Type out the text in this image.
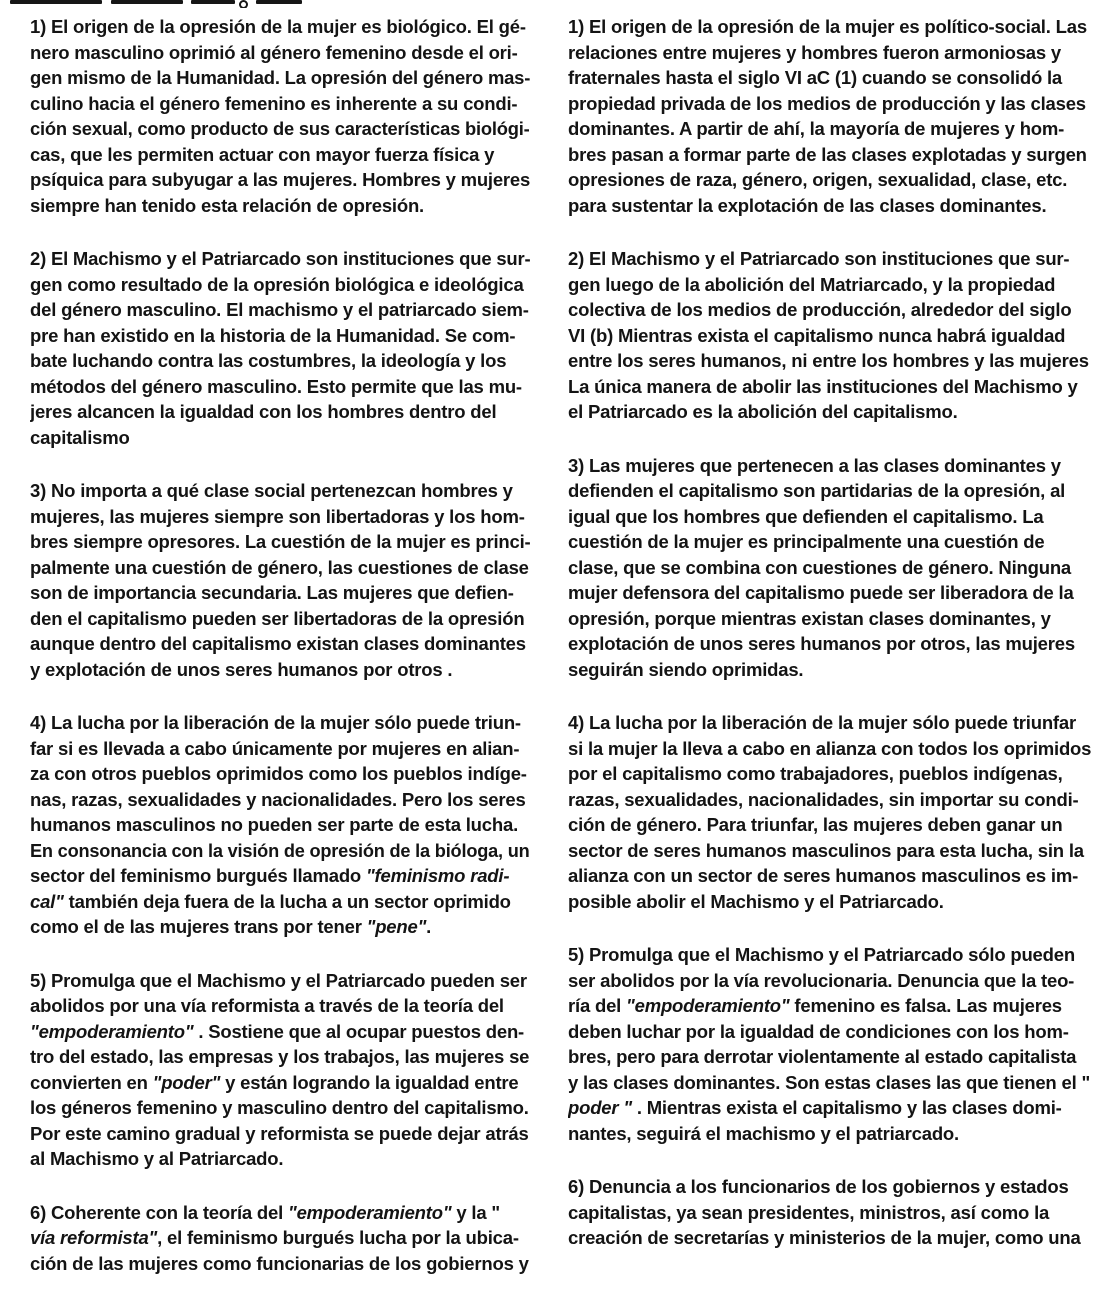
1) El origen de la opresión de la mujer es biológico. El gé-
nero masculino oprimió al género femenino desde el ori-
gen mismo de la Humanidad. La opresión del género mas-
culino hacia el género femenino es inherente a su condi-
ción sexual, como producto de sus características biológi-
cas, que les permiten actuar con mayor fuerza física y
psíquica para subyugar a las mujeres. Hombres y mujeres
siempre han tenido esta relación de opresión.

2) El Machismo y el Patriarcado son instituciones que sur-
gen como resultado de la opresión biológica e ideológica
del género masculino. El machismo y el patriarcado siem-
pre han existido en la historia de la Humanidad. Se com-
bate luchando contra las costumbres, la ideología y los
métodos del género masculino. Esto permite que las mu-
jeres alcancen la igualdad con los hombres dentro del
capitalismo

3) No importa a qué clase social pertenezcan hombres y
mujeres, las mujeres siempre son libertadoras y los hom-
bres siempre opresores. La cuestión de la mujer es princi-
palmente una cuestión de género, las cuestiones de clase
son de importancia secundaria. Las mujeres que defien-
den el capitalismo pueden ser libertadoras de la opresión
aunque dentro del capitalismo existan clases dominantes
y explotación de unos seres humanos por otros .

4) La lucha por la liberación de la mujer sólo puede triun-
far si es llevada a cabo únicamente por mujeres en alian-
za con otros pueblos oprimidos como los pueblos indíge-
nas, razas, sexualidades y nacionalidades. Pero los seres
humanos masculinos no pueden ser parte de esta lucha.
En consonancia con la visión de opresión de la bióloga, un
sector del feminismo burgués llamado "feminismo radi-
cal" también deja fuera de la lucha a un sector oprimido
como el de las mujeres trans por tener "pene".

5) Promulga que el Machismo y el Patriarcado pueden ser
abolidos por una vía reformista a través de la teoría del
"empoderamiento" . Sostiene que al ocupar puestos den-
tro del estado, las empresas y los trabajos, las mujeres se
convierten en "poder" y están logrando la igualdad entre
los géneros femenino y masculino dentro del capitalismo.
Por este camino gradual y reformista se puede dejar atrás
al Machismo y al Patriarcado.

6) Coherente con la teoría del "empoderamiento" y la "
vía reformista", el feminismo burgués lucha por la ubica-
ción de las mujeres como funcionarias de los gobiernos y

1) El origen de la opresión de la mujer es político-social. Las
relaciones entre mujeres y hombres fueron armoniosas y
fraternales hasta el siglo VI aC (1) cuando se consolidó la
propiedad privada de los medios de producción y las clases
dominantes. A partir de ahí, la mayoría de mujeres y hom-
bres pasan a formar parte de las clases explotadas y surgen
opresiones de raza, género, origen, sexualidad, clase, etc.
para sustentar la explotación de las clases dominantes.

2) El Machismo y el Patriarcado son instituciones que sur-
gen luego de la abolición del Matriarcado, y la propiedad
colectiva de los medios de producción, alrededor del siglo
VI (b) Mientras exista el capitalismo nunca habrá igualdad
entre los seres humanos, ni entre los hombres y las mujeres
La única manera de abolir las instituciones del Machismo y
el Patriarcado es la abolición del capitalismo.

3) Las mujeres que pertenecen a las clases dominantes y
defienden el capitalismo son partidarias de la opresión, al
igual que los hombres que defienden el capitalismo. La
cuestión de la mujer es principalmente una cuestión de
clase, que se combina con cuestiones de género. Ninguna
mujer defensora del capitalismo puede ser liberadora de la
opresión, porque mientras existan clases dominantes, y
explotación de unos seres humanos por otros, las mujeres
seguirán siendo oprimidas.

4) La lucha por la liberación de la mujer sólo puede triunfar
si la mujer la lleva a cabo en alianza con todos los oprimidos
por el capitalismo como trabajadores, pueblos indígenas,
razas, sexualidades, nacionalidades, sin importar su condi-
ción de género. Para triunfar, las mujeres deben ganar un
sector de seres humanos masculinos para esta lucha, sin la
alianza con un sector de seres humanos masculinos es im-
posible abolir el Machismo y el Patriarcado.

5) Promulga que el Machismo y el Patriarcado sólo pueden
ser abolidos por la vía revolucionaria. Denuncia que la teo-
ría del "empoderamiento" femenino es falsa. Las mujeres
deben luchar por la igualdad de condiciones con los hom-
bres, pero para derrotar violentamente al estado capitalista
y las clases dominantes. Son estas clases las que tienen el "
poder " . Mientras exista el capitalismo y las clases domi-
nantes, seguirá el machismo y el patriarcado.

6) Denuncia a los funcionarios de los gobiernos y estados
capitalistas, ya sean presidentes, ministros, así como la
creación de secretarías y ministerios de la mujer, como una
